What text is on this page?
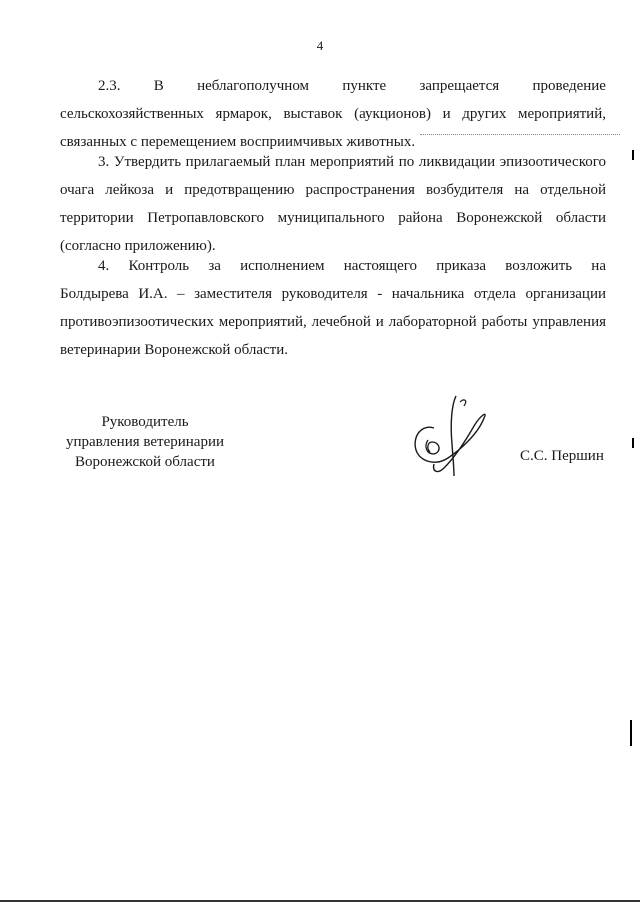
4
2.3. В неблагополучном пункте запрещается проведение
сельскохозяйственных ярмарок, выставок (аукционов) и других мероприятий,
связанных с перемещением восприимчивых животных.
3. Утвердить прилагаемый план мероприятий по ликвидации эпизоотического очага лейкоза и предотвращению распространения возбудителя на отдельной территории Петропавловского муниципального района Воронежской области (согласно приложению).
4. Контроль за исполнением настоящего приказа возложить на
Болдырева И.А. – заместителя руководителя - начальника отдела организации противоэпизоотических мероприятий, лечебной и лабораторной работы управления ветеринарии Воронежской области.
Руководитель
управления ветеринарии
Воронежской области	С.С. Першин
